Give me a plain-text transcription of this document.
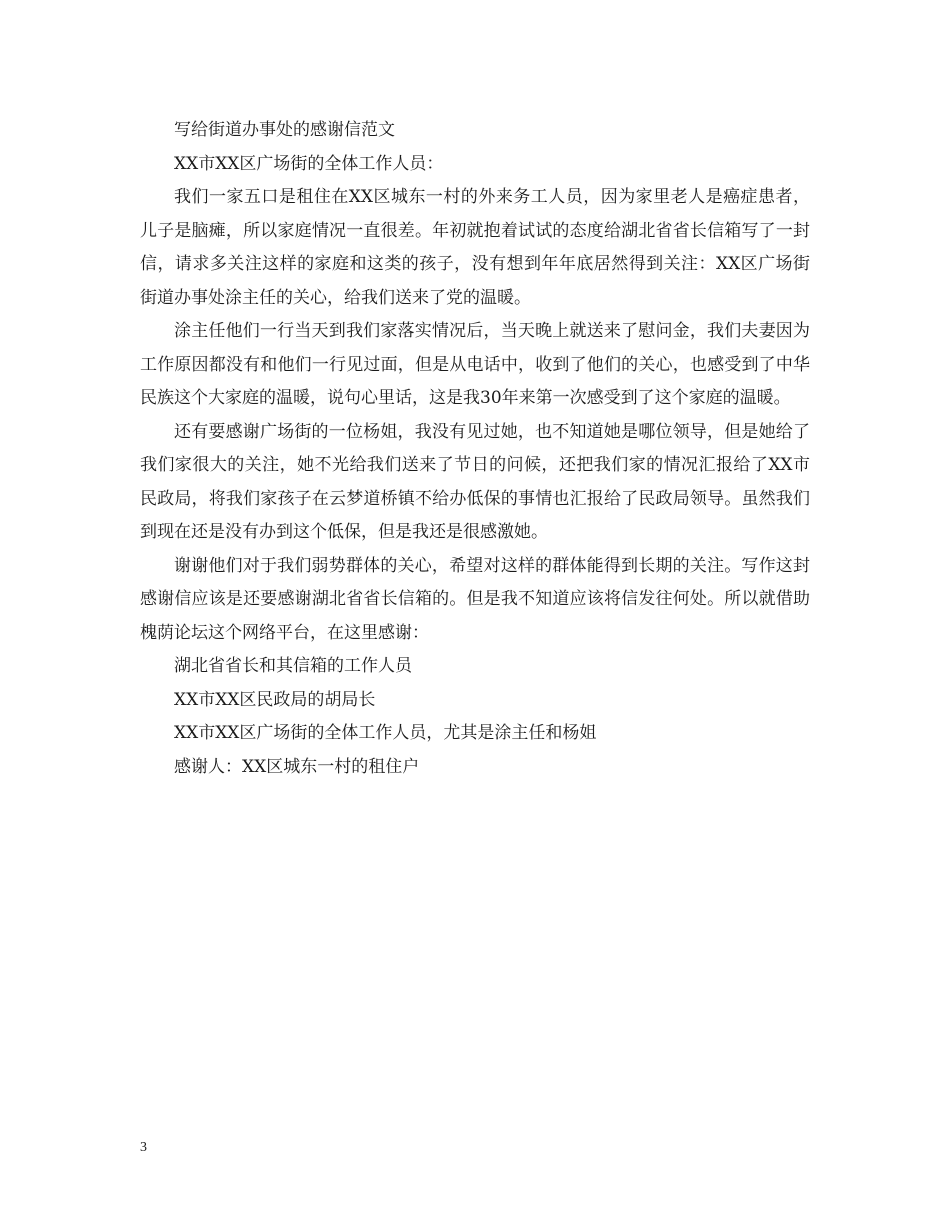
写给街道办事处的感谢信范文

XX市XX区广场街的全体工作人员：

我们一家五口是租住在XX区城东一村的外来务工人员，因为家里老人是癌症患者，儿子是脑瘫，所以家庭情况一直很差。年初就抱着试试的态度给湖北省省长信箱写了一封信，请求多关注这样的家庭和这类的孩子，没有想到年年底居然得到关注：XX区广场街街道办事处涂主任的关心，给我们送来了党的温暖。

涂主任他们一行当天到我们家落实情况后，当天晚上就送来了慰问金，我们夫妻因为工作原因都没有和他们一行见过面，但是从电话中，收到了他们的关心，也感受到了中华民族这个大家庭的温暖，说句心里话，这是我30年来第一次感受到了这个家庭的温暖。

还有要感谢广场街的一位杨姐，我没有见过她，也不知道她是哪位领导，但是她给了我们家很大的关注，她不光给我们送来了节日的问候，还把我们家的情况汇报给了XX市民政局，将我们家孩子在云梦道桥镇不给办低保的事情也汇报给了民政局领导。虽然我们到现在还是没有办到这个低保，但是我还是很感激她。

谢谢他们对于我们弱势群体的关心，希望对这样的群体能得到长期的关注。写作这封感谢信应该是还要感谢湖北省省长信箱的。但是我不知道应该将信发往何处。所以就借助槐荫论坛这个网络平台，在这里感谢：

湖北省省长和其信箱的工作人员

XX市XX区民政局的胡局长

XX市XX区广场街的全体工作人员，尤其是涂主任和杨姐

感谢人：XX区城东一村的租住户

3
